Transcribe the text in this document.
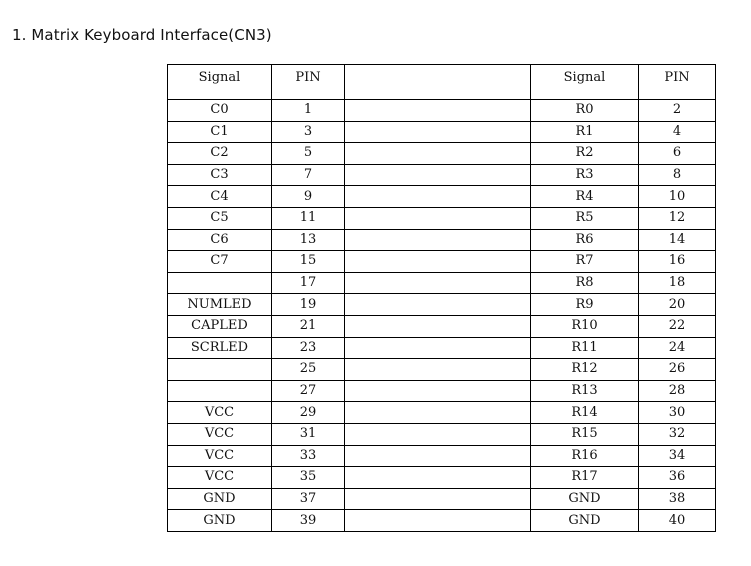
1. Matrix Keyboard Interface(CN3)
Signal	PIN		Signal	PIN
C0	1		R0	2
C1	3		R1	4
C2	5		R2	6
C3	7		R3	8
C4	9		R4	10
C5	11		R5	12
C6	13		R6	14
C7	15		R7	16
	17		R8	18
NUMLED	19		R9	20
CAPLED	21		R10	22
SCRLED	23		R11	24
	25		R12	26
	27		R13	28
VCC	29		R14	30
VCC	31		R15	32
VCC	33		R16	34
VCC	35		R17	36
GND	37		GND	38
GND	39		GND	40
